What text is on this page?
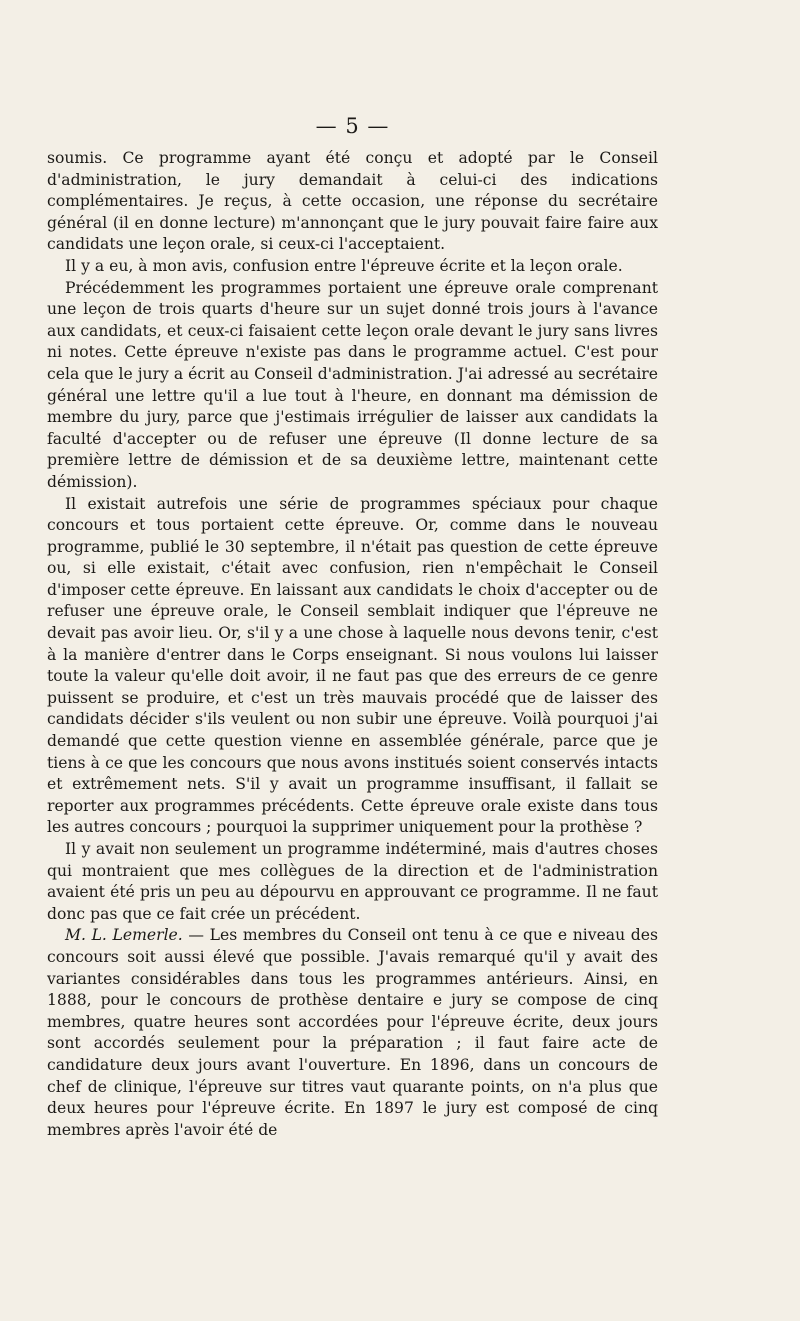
— 5 —

soumis. Ce programme ayant été conçu et adopté par le Conseil d'administration, le jury demandait à celui-ci des indications complémentaires. Je reçus, à cette occasion, une réponse du secrétaire général (il en donne lecture) m'annonçant que le jury pouvait faire faire aux candidats une leçon orale, si ceux-ci l'acceptaient.

Il y a eu, à mon avis, confusion entre l'épreuve écrite et la leçon orale.

Précédemment les programmes portaient une épreuve orale comprenant une leçon de trois quarts d'heure sur un sujet donné trois jours à l'avance aux candidats, et ceux-ci faisaient cette leçon orale devant le jury sans livres ni notes. Cette épreuve n'existe pas dans le programme actuel. C'est pour cela que le jury a écrit au Conseil d'administration. J'ai adressé au secrétaire général une lettre qu'il a lue tout à l'heure, en donnant ma démission de membre du jury, parce que j'estimais irrégulier de laisser aux candidats la faculté d'accepter ou de refuser une épreuve (Il donne lecture de sa première lettre de démission et de sa deuxième lettre, maintenant cette démission).

Il existait autrefois une série de programmes spéciaux pour chaque concours et tous portaient cette épreuve. Or, comme dans le nouveau programme, publié le 30 septembre, il n'était pas question de cette épreuve ou, si elle existait, c'était avec confusion, rien n'empêchait le Conseil d'imposer cette épreuve. En laissant aux candidats le choix d'accepter ou de refuser une épreuve orale, le Conseil semblait indiquer que l'épreuve ne devait pas avoir lieu. Or, s'il y a une chose à laquelle nous devons tenir, c'est à la manière d'entrer dans le Corps enseignant. Si nous voulons lui laisser toute la valeur qu'elle doit avoir, il ne faut pas que des erreurs de ce genre puissent se produire, et c'est un très mauvais procédé que de laisser des candidats décider s'ils veulent ou non subir une épreuve. Voilà pourquoi j'ai demandé que cette question vienne en assemblée générale, parce que je tiens à ce que les concours que nous avons institués soient conservés intacts et extrêmement nets. S'il y avait un programme insuffisant, il fallait se reporter aux programmes précédents. Cette épreuve orale existe dans tous les autres concours ; pourquoi la supprimer uniquement pour la prothèse ?

Il y avait non seulement un programme indéterminé, mais d'autres choses qui montraient que mes collègues de la direction et de l'administration avaient été pris un peu au dépourvu en approuvant ce programme. Il ne faut donc pas que ce fait crée un précédent.

M. L. Lemerle. — Les membres du Conseil ont tenu à ce que e niveau des concours soit aussi élevé que possible. J'avais remarqué qu'il y avait des variantes considérables dans tous les programmes antérieurs. Ainsi, en 1888, pour le concours de prothèse dentaire e jury se compose de cinq membres, quatre heures sont accordées pour l'épreuve écrite, deux jours sont accordés seulement pour la préparation ; il faut faire acte de candidature deux jours avant l'ouverture. En 1896, dans un concours de chef de clinique, l'épreuve sur titres vaut quarante points, on n'a plus que deux heures pour l'épreuve écrite. En 1897 le jury est composé de cinq membres après l'avoir été de
